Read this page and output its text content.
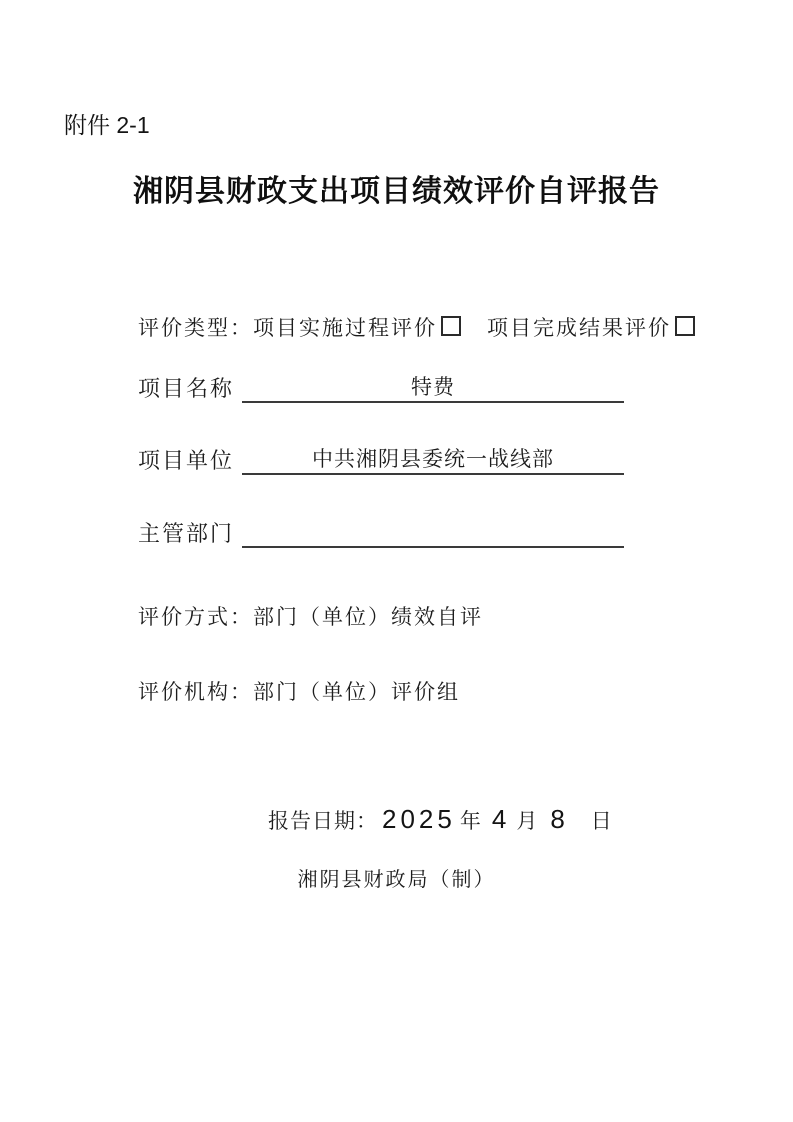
附件 2-1
湘阴县财政支出项目绩效评价自评报告
评价类型：项目实施过程评价 项目完成结果评价
项目名称	特费
项目单位	中共湘阴县委统一战线部
主管部门
评价方式：部门（单位）绩效自评
评价机构：部门（单位）评价组
报告日期： 2025 年 4 月 8 日
湘阴县财政局（制）
